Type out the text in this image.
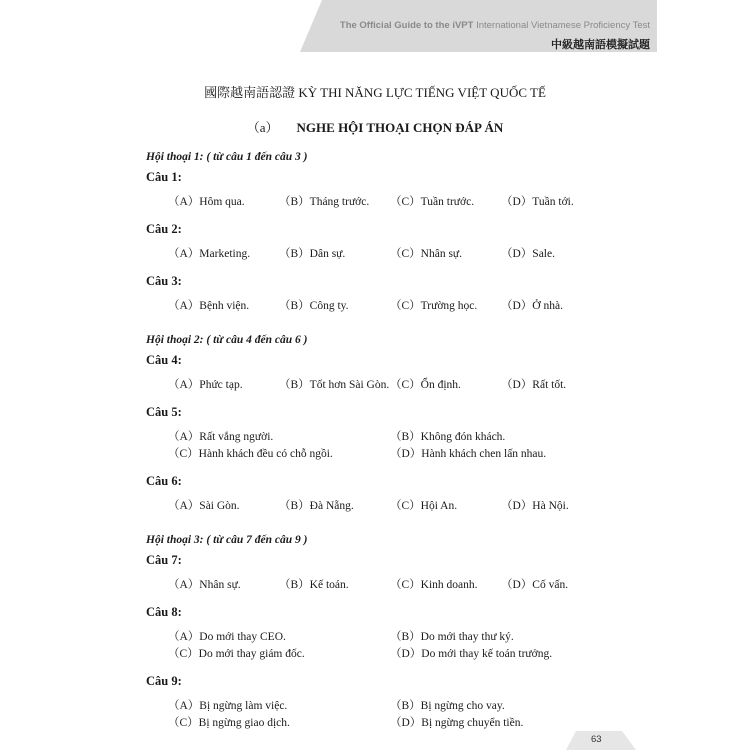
The Official Guide to the iVPT International Vietnamese Proficiency Test
中級越南語模擬試題
國際越南語認證 KỲ THI NĂNG LỰC TIẾNG VIỆT QUỐC TẾ
（a） NGHE HỘI THOẠI CHỌN ĐÁP ÁN
Hội thoại 1: ( từ câu 1 đến câu 3 )
Hội thoại 2: ( từ câu 4 đến câu 6 )
Hội thoại 3: ( từ câu 7 đến câu 9 )
Câu 1:
（A）Hôm qua.	（B）Tháng trước. （C）Tuần trước. （D）Tuần tới.
Câu 2:
（A）Marketing.	（B）Dân sự.	（C）Nhân sự.	（D）Sale.
Câu 3:
（A）Bệnh viện.	（B）Công ty.	（C）Trường học. （D）Ở nhà.
Câu 4:
（A）Phức tạp.	（B）Tốt hơn Sài Gòn. （C）Ổn định.	（D）Rất tốt.
Câu 5:
（A）Rất vắng người.	（B）Không đón khách.
（C）Hành khách đều có chỗ ngồi.	（D）Hành khách chen lấn nhau.
Câu 6:
（A）Sài Gòn.	（B）Đà Nẵng.	（C）Hội An.	（D）Hà Nội.
Câu 7:
（A）Nhân sự.	（B）Kế toán.	（C）Kinh doanh. （D）Cố vấn.
Câu 8:
（A）Do mới thay CEO.	（B）Do mới thay thư ký.
（C）Do mới thay giám đốc.	（D）Do mới thay kế toán trưởng.
Câu 9:
（A）Bị ngừng làm việc.	（B）Bị ngừng cho vay.
（C）Bị ngừng giao dịch.	（D）Bị ngừng chuyển tiền.
63
